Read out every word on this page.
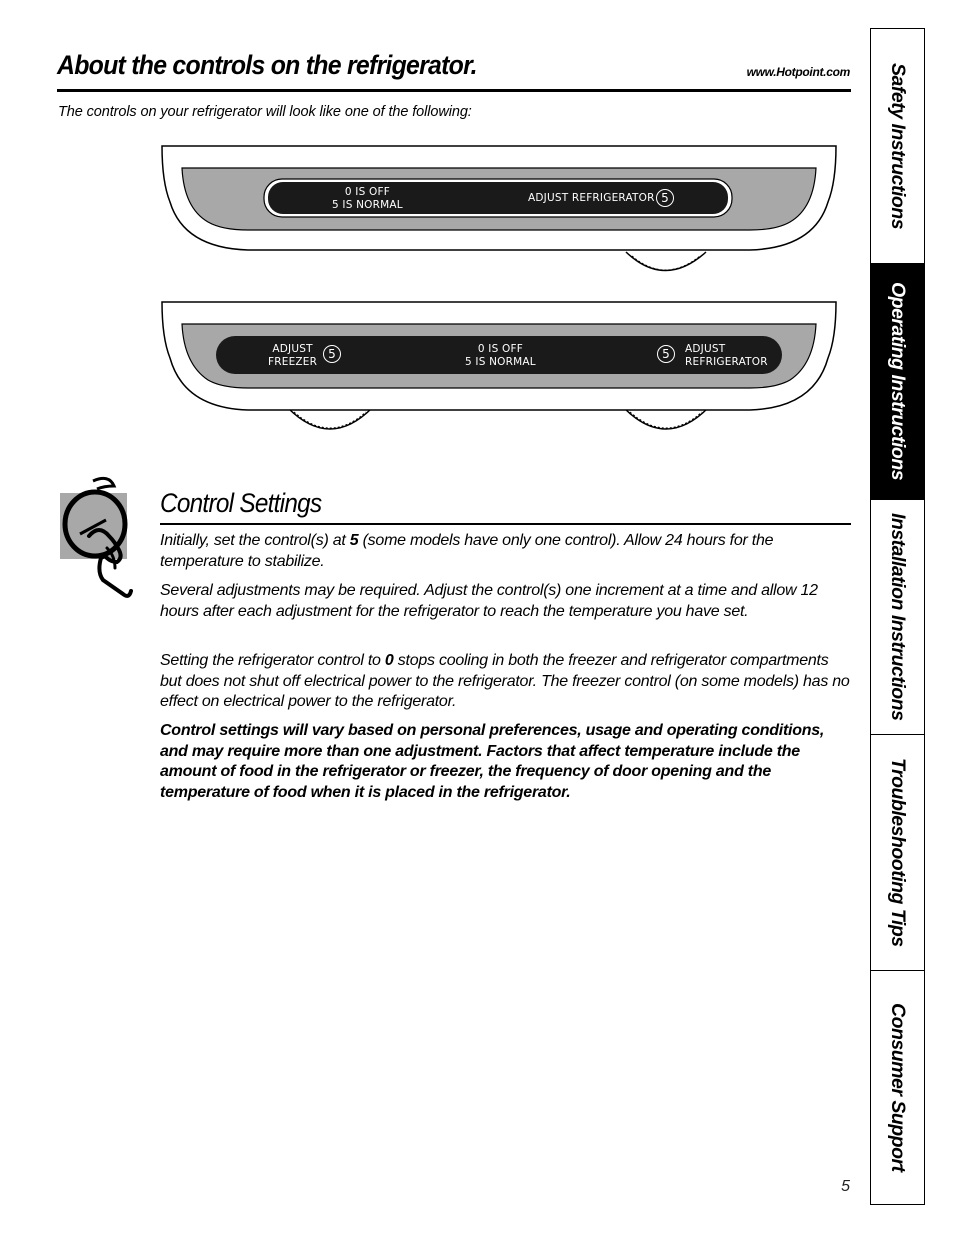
About the controls on the refrigerator.	www.Hotpoint.com
The controls on your refrigerator will look like one of the following:
0 IS OFF
5 IS NORMAL
ADJUST REFRIGERATOR 5
ADJUST
FREEZER
5	0 IS OFF
5 IS NORMAL
5	ADJUST
REFRIGERATOR
Control Settings
Initially, set the control(s) at 5 (some models have only one control). Allow 24 hours for the temperature to stabilize.
Several adjustments may be required. Adjust the control(s) one increment at a time and allow 12 hours after each adjustment for the refrigerator to reach the temperature you have set.
Setting the refrigerator control to 0 stops cooling in both the freezer and refrigerator compartments but does not shut off electrical power to the refrigerator. The freezer control (on some models) has no effect on electrical power to the refrigerator.
Control settings will vary based on personal preferences, usage and operating conditions, and may require more than one adjustment. Factors that affect temperature include the amount of food in the refrigerator or freezer, the frequency of door opening and the temperature of food when it is placed in the refrigerator.
5
Safety Instructions
Operating Instructions
Installation Instructions
Troubleshooting Tips
Consumer Support
